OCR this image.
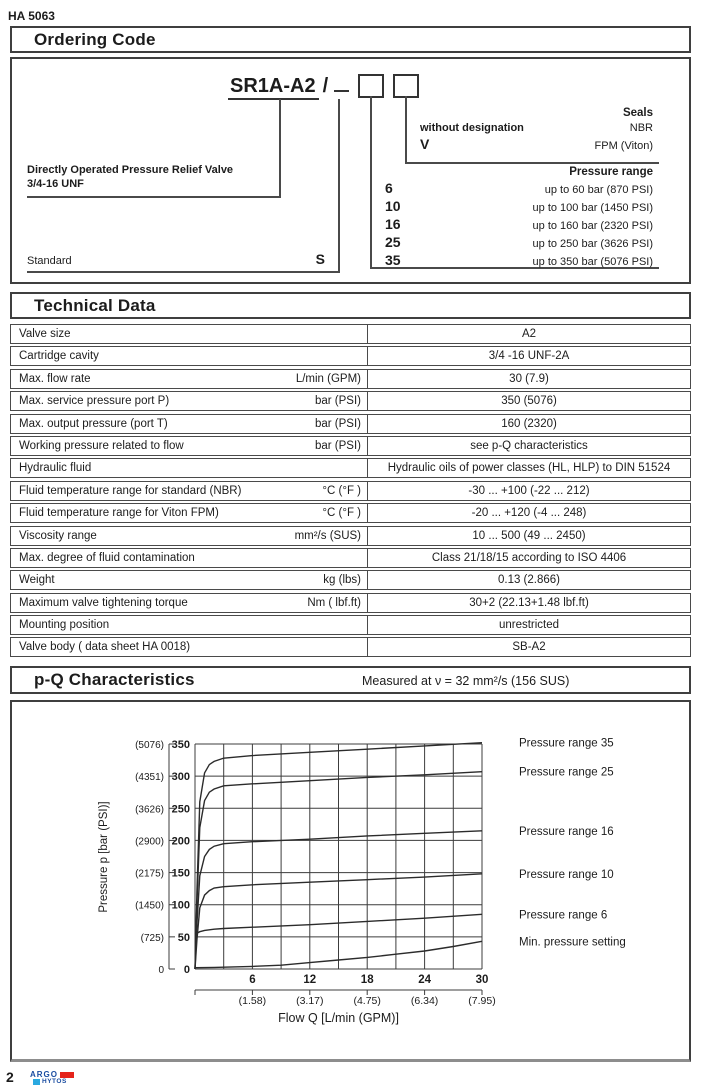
HA 5063
Ordering Code
SR1A-A2 /
Directly Operated Pressure Relief Valve
3/4-16 UNF
Standard	S
Seals
without designation	NBR
V	FPM (Viton)
Pressure range
6	up to 60 bar (870 PSI)
10	up to 100 bar (1450 PSI)
16	up to 160 bar (2320 PSI)
25	up to 250 bar (3626 PSI)
35	up to 350 bar (5076 PSI)
Technical Data
Valve size	A2
Cartridge cavity	3/4 -16 UNF-2A
Max. flow rate	L/min (GPM)	30 (7.9)
Max. service pressure port P)	bar (PSI)	350 (5076)
Max. output pressure (port T)	bar (PSI)	160 (2320)
Working pressure related to flow	bar (PSI)	see p-Q characteristics
Hydraulic fluid	Hydraulic oils of power classes (HL, HLP) to DIN 51524
Fluid temperature range for standard (NBR)	°C (°F )	-30 ... +100 (-22 ... 212)
Fluid temperature range for Viton FPM)	°C (°F )	-20 ... +120 (-4 ... 248)
Viscosity range	mm²/s (SUS)	10 ... 500 (49 ... 2450)
Max. degree of fluid contamination	Class 21/18/15 according to ISO 4406
Weight	kg (lbs)	0.13 (2.866)
Maximum valve tightening torque	Nm ( lbf.ft)	30+2 (22.13+1.48 lbf.ft)
Mounting position	unrestricted
Valve body ( data sheet HA 0018)	SB-A2
p-Q Characteristics	Measured at ν = 32 mm²/s (156 SUS)
0
0
50
(725)
100
(1450)
150
(2175)
200
(2900)
250
(3626)
300
(4351)
350
(5076)
6
(1.58)
12
(3.17)
18
(4.75)
24
(6.34)
30
(7.95)
Flow Q [L/min (GPM)]
Pressure p [bar (PSI)]
Pressure range 35
Pressure range 25
Pressure range 16
Pressure range 10
Pressure range 6
Min. pressure setting
2 ARGO
HYTOS
